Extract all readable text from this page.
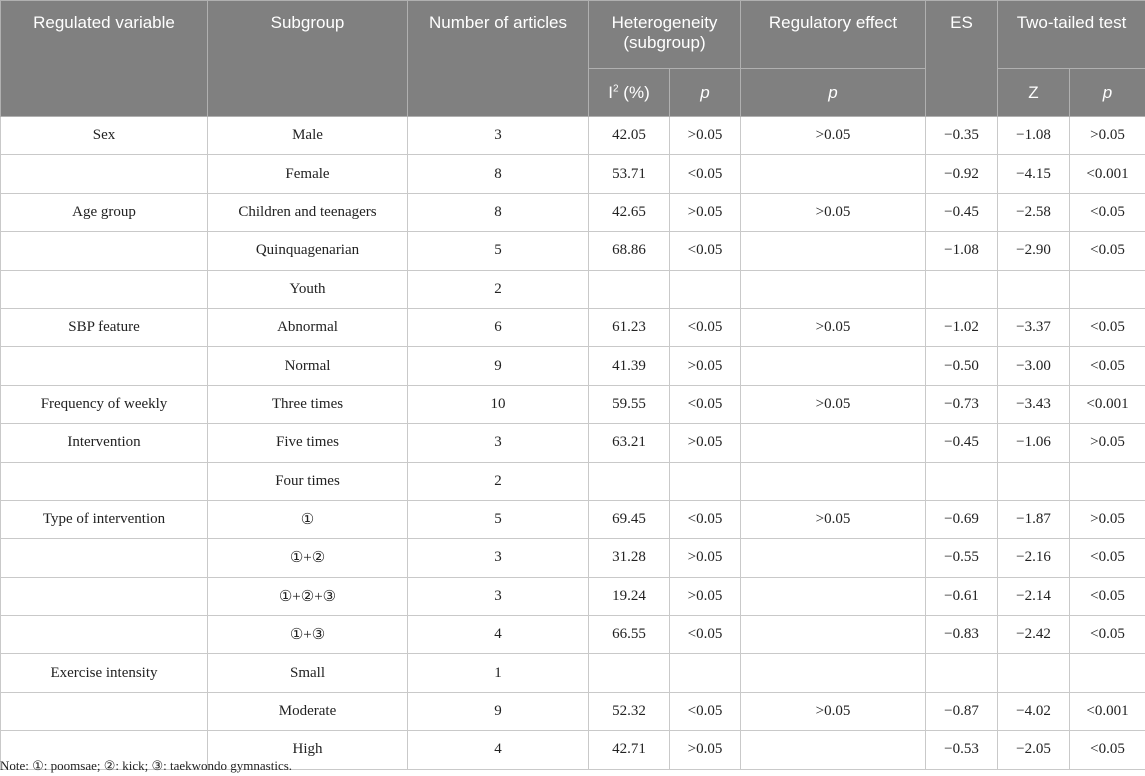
Regulated variable	Subgroup	Number of articles	Heterogeneity (subgroup)		Regulatory effect	ES	Two-tailed test	
			$I^2$ (%)	p	p		Z	p
Sex	Male	3	42.05	>0.05	>0.05	−0.35	−1.08	>0.05
	Female	8	53.71	<0.05		−0.92	−4.15	<0.001
Age group	Children and teenagers	8	42.65	>0.05	>0.05	−0.45	−2.58	<0.05
	Quinquagenarian	5	68.86	<0.05		−1.08	−2.90	<0.05
	Youth	2						
SBP feature	Abnormal	6	61.23	<0.05	>0.05	−1.02	−3.37	<0.05
	Normal	9	41.39	>0.05		−0.50	−3.00	<0.05
Frequency of weekly	Three times	10	59.55	<0.05	>0.05	−0.73	−3.43	<0.001
Intervention	Five times	3	63.21	>0.05		−0.45	−1.06	>0.05
	Four times	2						
Type of intervention	①	5	69.45	<0.05	>0.05	−0.69	−1.87	>0.05
	①+②	3	31.28	>0.05		−0.55	−2.16	<0.05
	①+②+③	3	19.24	>0.05		−0.61	−2.14	<0.05
	①+③	4	66.55	<0.05		−0.83	−2.42	<0.05
Exercise intensity	Small	1						
	Moderate	9	52.32	<0.05	>0.05	−0.87	−4.02	<0.001
	High	4	42.71	>0.05		−0.53	−2.05	<0.05
Note: ①: poomsae; ②: kick; ③: taekwondo gymnastics.
